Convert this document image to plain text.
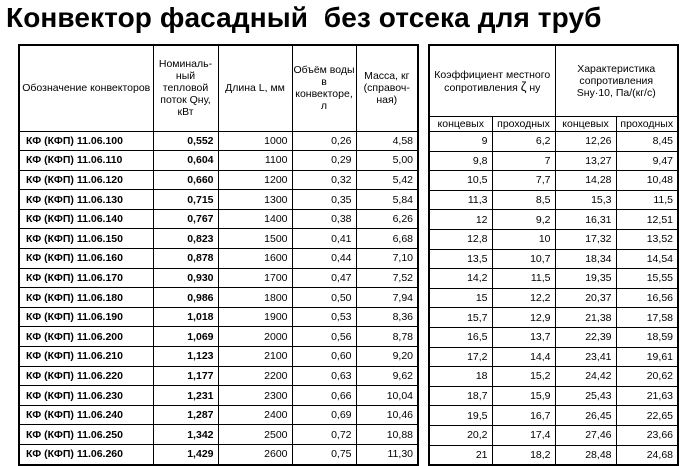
Конвектор фасадный  без отсека для труб
Обозначение конвекторов	Номиналь-ный тепловой поток Qну, кВт	Длина L, мм	Объём воды в конвекторе, л	Масса, кг (справоч-ная)
КФ (КФП) 11.06.100	0,552	1000	0,26	4,58
КФ (КФП) 11.06.110	0,604	1100	0,29	5,00
КФ (КФП) 11.06.120	0,660	1200	0,32	5,42
КФ (КФП) 11.06.130	0,715	1300	0,35	5,84
КФ (КФП) 11.06.140	0,767	1400	0,38	6,26
КФ (КФП) 11.06.150	0,823	1500	0,41	6,68
КФ (КФП) 11.06.160	0,878	1600	0,44	7,10
КФ (КФП) 11.06.170	0,930	1700	0,47	7,52
КФ (КФП) 11.06.180	0,986	1800	0,50	7,94
КФ (КФП) 11.06.190	1,018	1900	0,53	8,36
КФ (КФП) 11.06.200	1,069	2000	0,56	8,78
КФ (КФП) 11.06.210	1,123	2100	0,60	9,20
КФ (КФП) 11.06.220	1,177	2200	0,63	9,62
КФ (КФП) 11.06.230	1,231	2300	0,66	10,04
КФ (КФП) 11.06.240	1,287	2400	0,69	10,46
КФ (КФП) 11.06.250	1,342	2500	0,72	10,88
КФ (КФП) 11.06.260	1,429	2600	0,75	11,30
Коэффициент местного сопротивления ζ ну		Характеристика сопротивления
Sну·10, Па/(кг/с)	
концевых	проходных	концевых	проходных
9	6,2	12,26	8,45
9,8	7	13,27	9,47
10,5	7,7	14,28	10,48
11,3	8,5	15,3	11,5
12	9,2	16,31	12,51
12,8	10	17,32	13,52
13,5	10,7	18,34	14,54
14,2	11,5	19,35	15,55
15	12,2	20,37	16,56
15,7	12,9	21,38	17,58
16,5	13,7	22,39	18,59
17,2	14,4	23,41	19,61
18	15,2	24,42	20,62
18,7	15,9	25,43	21,63
19,5	16,7	26,45	22,65
20,2	17,4	27,46	23,66
21	18,2	28,48	24,68
